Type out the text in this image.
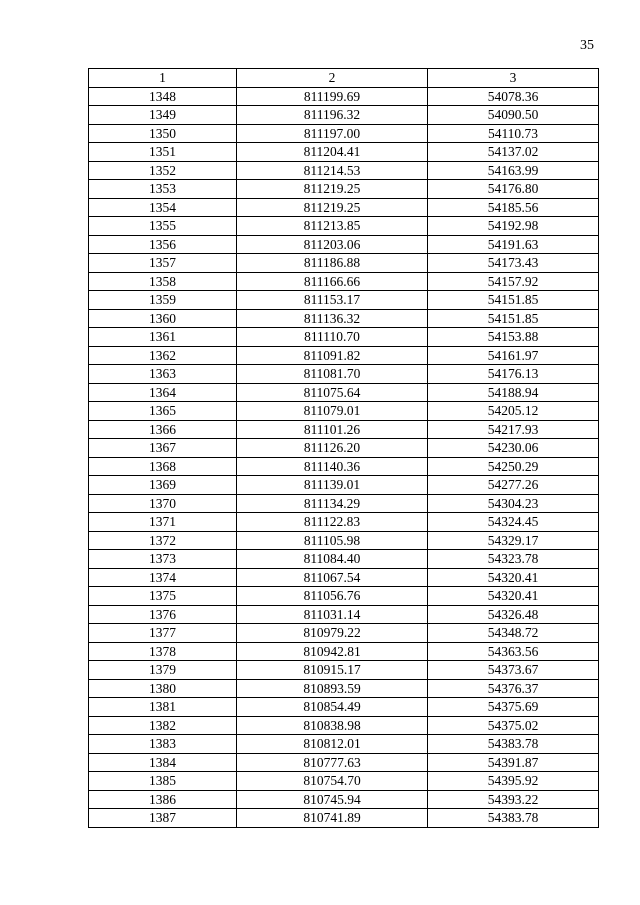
35
1	2	3
1348	811199.69	54078.36
1349	811196.32	54090.50
1350	811197.00	54110.73
1351	811204.41	54137.02
1352	811214.53	54163.99
1353	811219.25	54176.80
1354	811219.25	54185.56
1355	811213.85	54192.98
1356	811203.06	54191.63
1357	811186.88	54173.43
1358	811166.66	54157.92
1359	811153.17	54151.85
1360	811136.32	54151.85
1361	811110.70	54153.88
1362	811091.82	54161.97
1363	811081.70	54176.13
1364	811075.64	54188.94
1365	811079.01	54205.12
1366	811101.26	54217.93
1367	811126.20	54230.06
1368	811140.36	54250.29
1369	811139.01	54277.26
1370	811134.29	54304.23
1371	811122.83	54324.45
1372	811105.98	54329.17
1373	811084.40	54323.78
1374	811067.54	54320.41
1375	811056.76	54320.41
1376	811031.14	54326.48
1377	810979.22	54348.72
1378	810942.81	54363.56
1379	810915.17	54373.67
1380	810893.59	54376.37
1381	810854.49	54375.69
1382	810838.98	54375.02
1383	810812.01	54383.78
1384	810777.63	54391.87
1385	810754.70	54395.92
1386	810745.94	54393.22
1387	810741.89	54383.78
